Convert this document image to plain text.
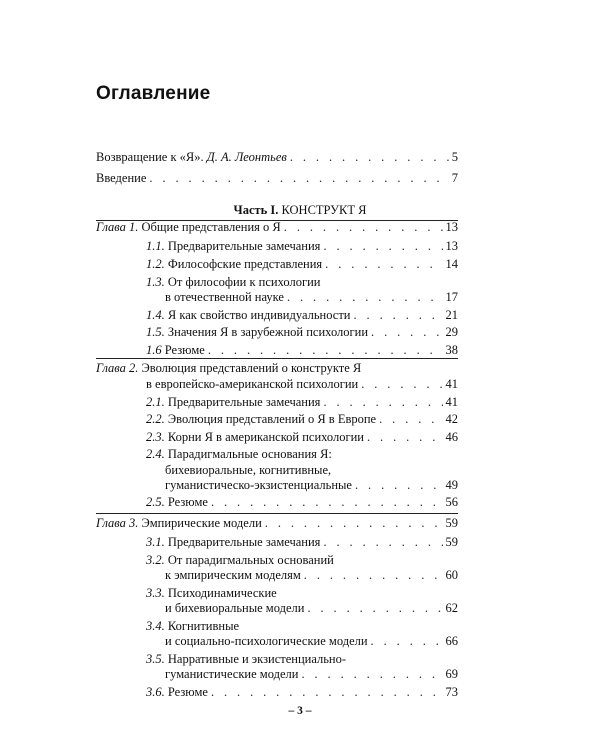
Оглавление
Возвращение к «Я». Д. А. Леонтьев . . .	5
Введение . . .	7
Часть I. КОНСТРУКТ Я
Глава 1. Общие представления о Я . . .	13
1.1. Предварительные замечания . . .	13
1.2. Философские представления . . .	14
1.3. От философии к психологии
в отечественной науке . . .	17
1.4. Я как свойство индивидуальности . . .	21
1.5. Значения Я в зарубежной психологии . . .	29
1.6 Резюме . . .	38
Глава 2. Эволюция представлений о конструкте Я
в европейско-американской психологии . . .	41
2.1. Предварительные замечания . . .	41
2.2. Эволюция представлений о Я в Европе . . .	42
2.3. Корни Я в американской психологии . . .	46
2.4. Парадигмальные основания Я:
бихевиоральные, когнитивные,
гуманистическо-экзистенциальные . . .	49
2.5. Резюме . . .	56
Глава 3. Эмпирические модели . . .	59
3.1. Предварительные замечания . . .	59
3.2. От парадигмальных оснований
к эмпирическим моделям . . .	60
3.3. Психодинамические
и бихевиоральные модели . . .	62
3.4. Когнитивные
и социально-психологические модели . . .	66
3.5. Нарративные и экзистенциально-
гуманистические модели . . .	69
3.6. Резюме . . .	73
– 3 –
